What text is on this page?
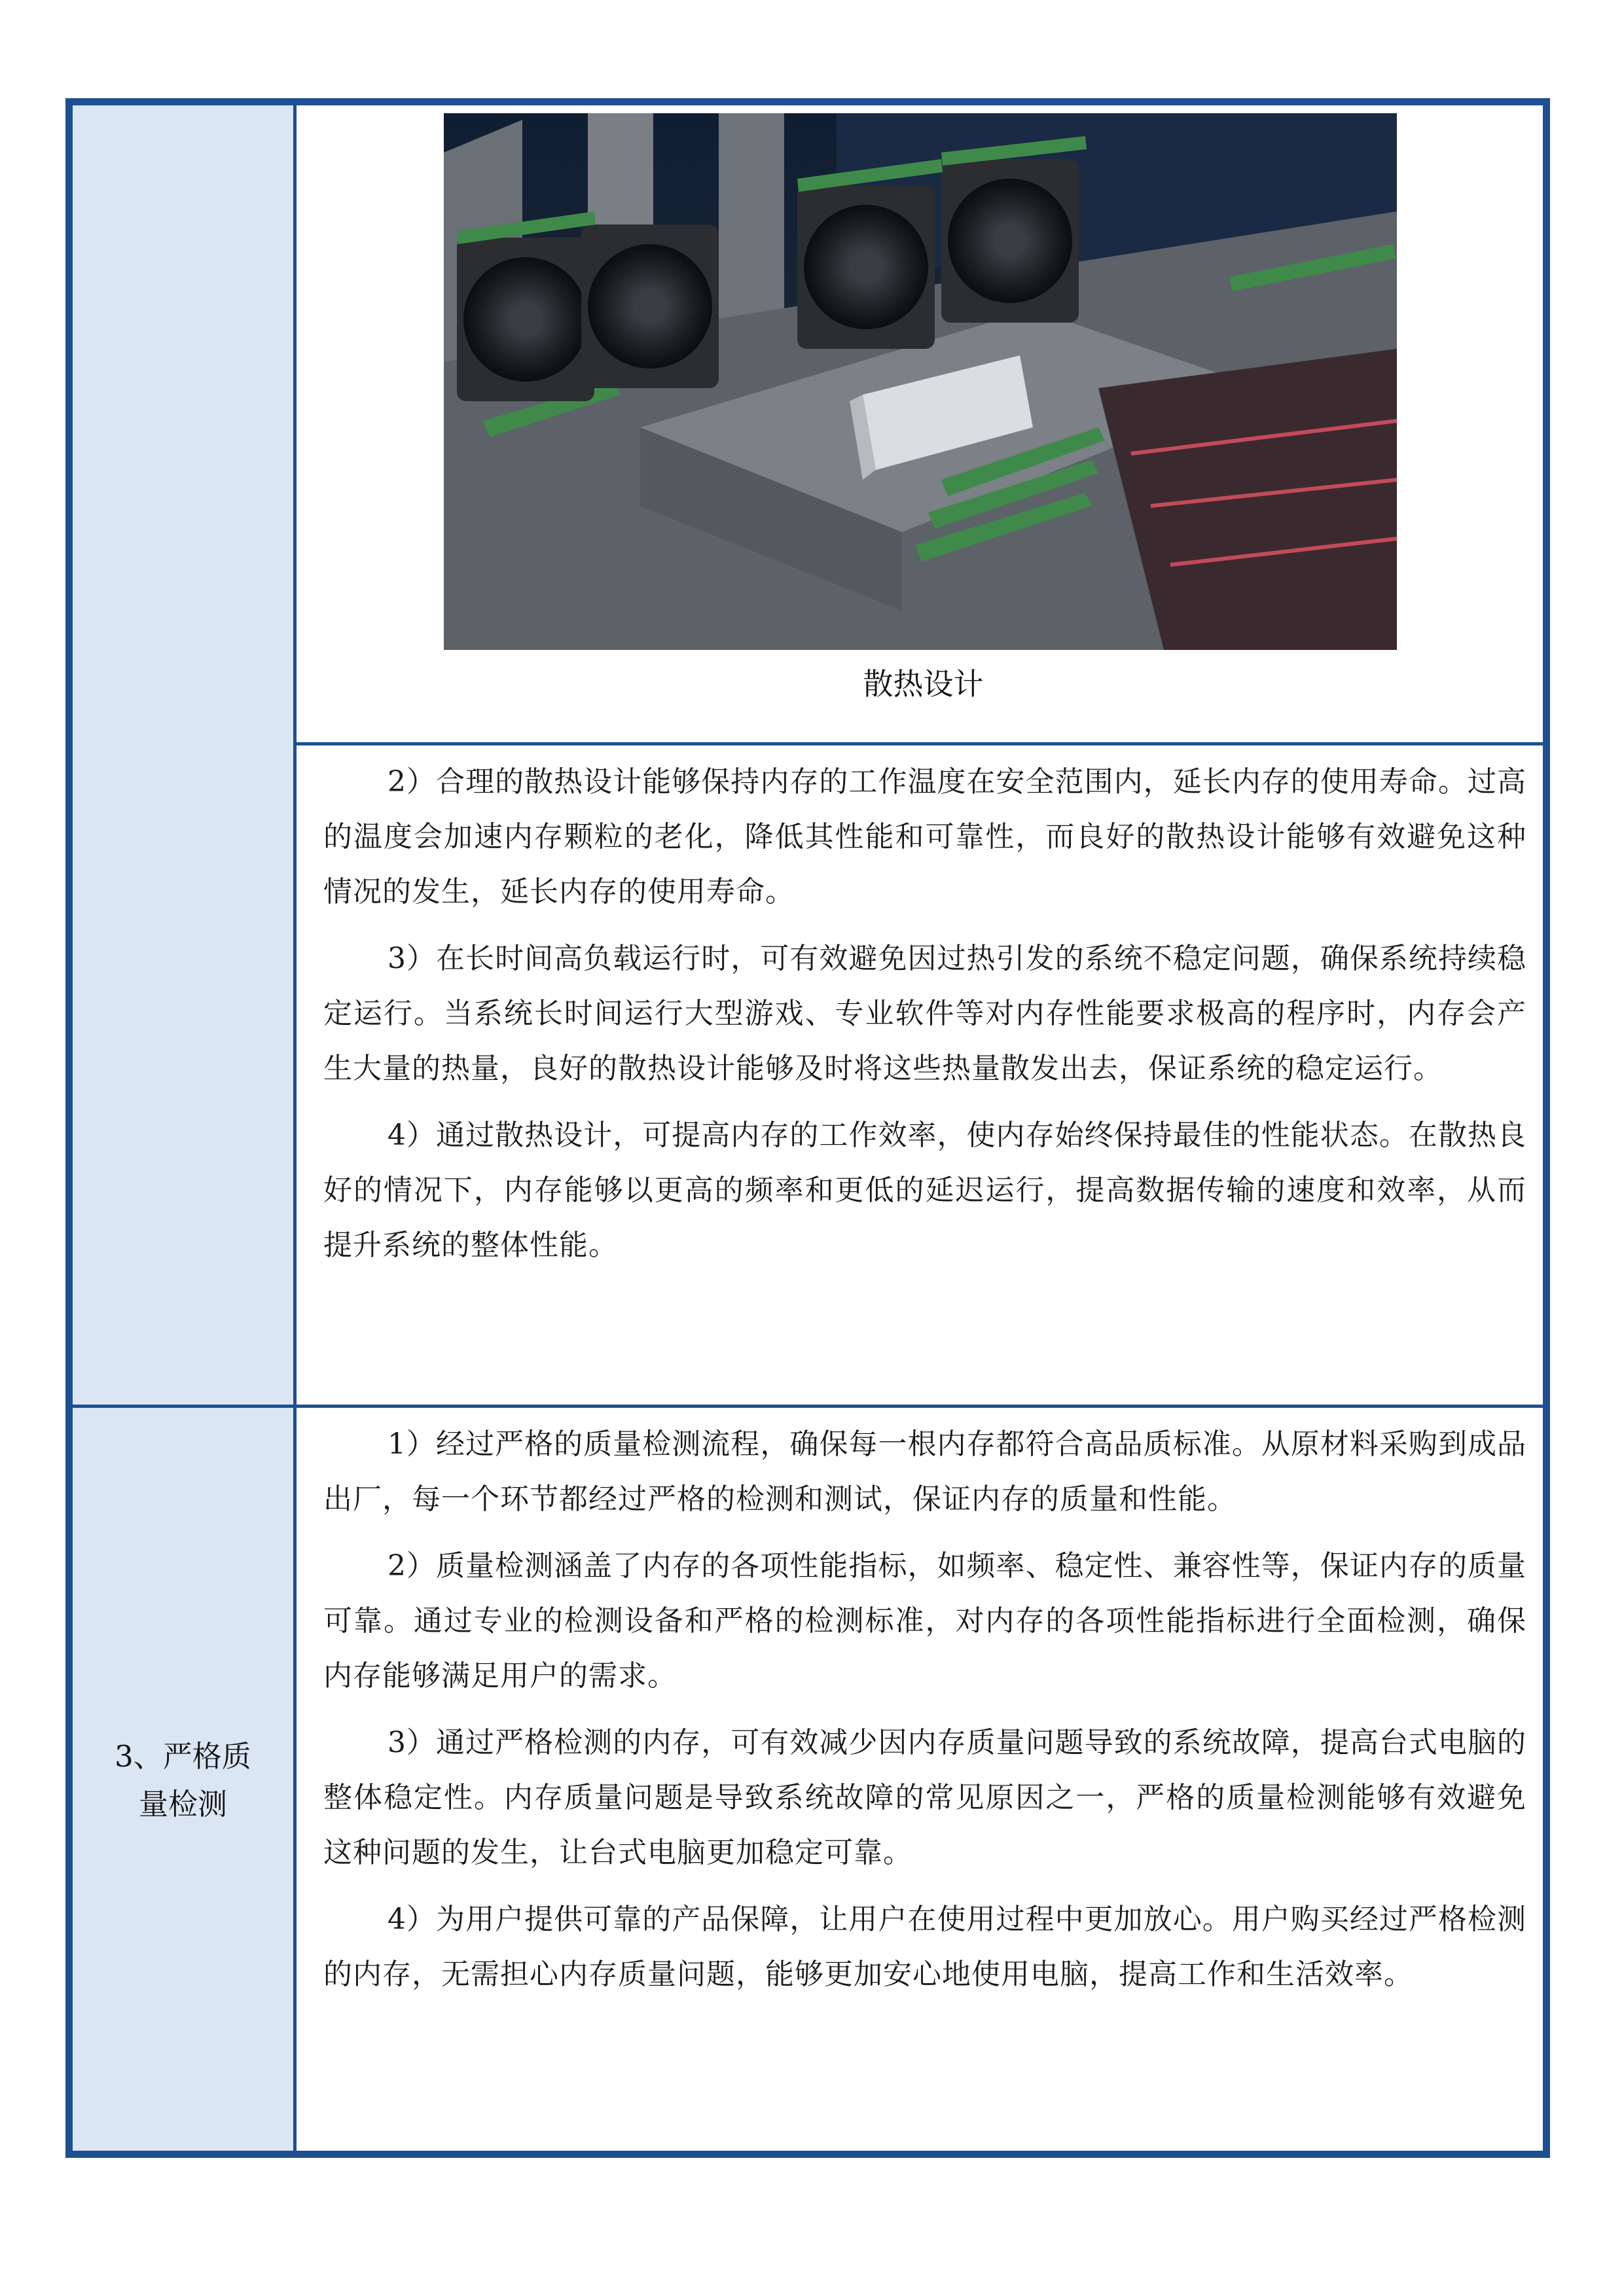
散热设计

2）合理的散热设计能够保持内存的工作温度在安全范围内，延长内存的使用寿命。过高的温度会加速内存颗粒的老化，降低其性能和可靠性，而良好的散热设计能够有效避免这种情况的发生，延长内存的使用寿命。

3）在长时间高负载运行时，可有效避免因过热引发的系统不稳定问题，确保系统持续稳定运行。当系统长时间运行大型游戏、专业软件等对内存性能要求极高的程序时，内存会产生大量的热量，良好的散热设计能够及时将这些热量散发出去，保证系统的稳定运行。

4）通过散热设计，可提高内存的工作效率，使内存始终保持最佳的性能状态。在散热良好的情况下，内存能够以更高的频率和更低的延迟运行，提高数据传输的速度和效率，从而提升系统的整体性能。

3、严格质
量检测

1）经过严格的质量检测流程，确保每一根内存都符合高品质标准。从原材料采购到成品出厂，每一个环节都经过严格的检测和测试，保证内存的质量和性能。

2）质量检测涵盖了内存的各项性能指标，如频率、稳定性、兼容性等，保证内存的质量可靠。通过专业的检测设备和严格的检测标准，对内存的各项性能指标进行全面检测，确保内存能够满足用户的需求。

3）通过严格检测的内存，可有效减少因内存质量问题导致的系统故障，提高台式电脑的整体稳定性。内存质量问题是导致系统故障的常见原因之一，严格的质量检测能够有效避免这种问题的发生，让台式电脑更加稳定可靠。

4）为用户提供可靠的产品保障，让用户在使用过程中更加放心。用户购买经过严格检测的内存，无需担心内存质量问题，能够更加安心地使用电脑，提高工作和生活效率。
